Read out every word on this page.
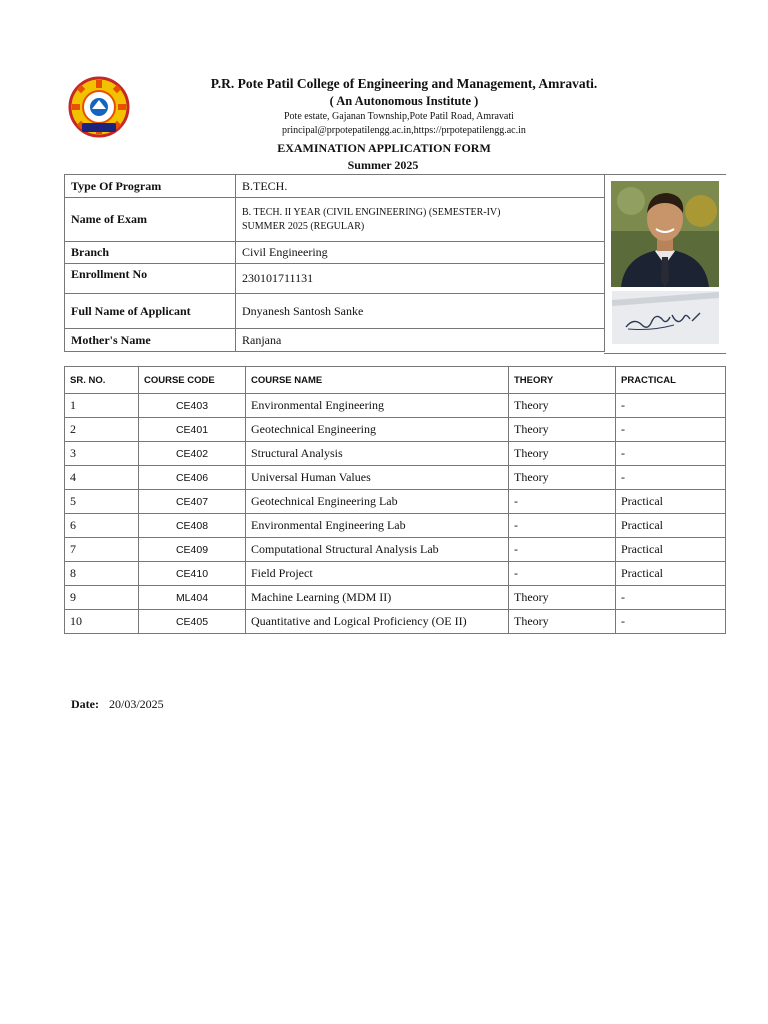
P.R. Pote Patil College of Engineering and Management, Amravati.
( An Autonomous Institute )
Pote estate, Gajanan Township,Pote Patil Road, Amravati
principal@prpotepatilengg.ac.in,https://prpotepatilengg.ac.in
EXAMINATION APPLICATION FORM
Summer 2025
Type Of Program	B.TECH.
Name of Exam	B. TECH. II YEAR (CIVIL ENGINEERING) (SEMESTER-IV)
SUMMER 2025 (REGULAR)

Branch	Civil Engineering
Enrollment No	230101711131
Full Name of Applicant	Dnyanesh Santosh Sanke
Mother's Name	Ranjana
SR. NO.	COURSE CODE	COURSE NAME	THEORY	PRACTICAL
1	CE403	Environmental Engineering	Theory	-
2	CE401	Geotechnical Engineering	Theory	-
3	CE402	Structural Analysis	Theory	-
4	CE406	Universal Human Values	Theory	-
5	CE407	Geotechnical Engineering Lab	-	Practical
6	CE408	Environmental Engineering Lab	-	Practical
7	CE409	Computational Structural Analysis Lab	-	Practical
8	CE410	Field Project	-	Practical
9	ML404	Machine Learning (MDM II)	Theory	-
10	CE405	Quantitative and Logical Proficiency (OE II)	Theory	-
Date: 20/03/2025
